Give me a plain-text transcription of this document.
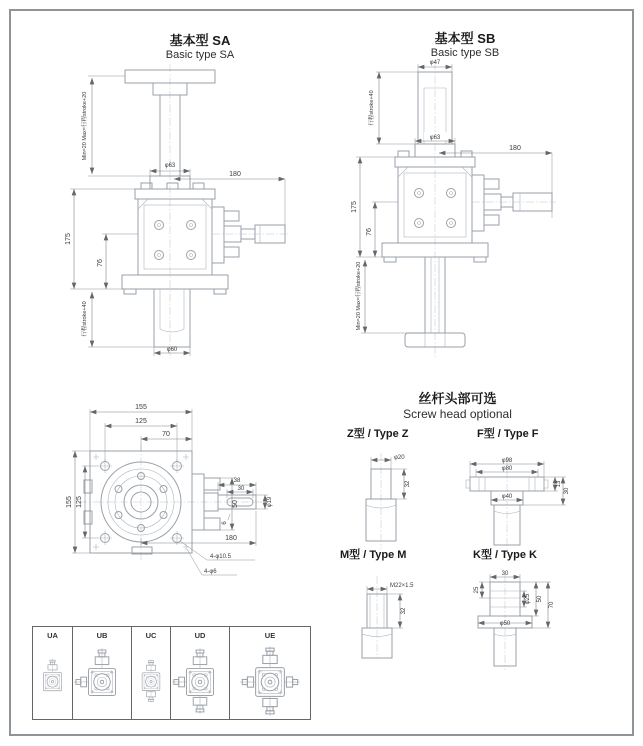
基本型 SA
Basic type SA
基本型 SB
Basic type SB
φ63
180
Min=20 Max=行程stroke+20
175
76
行程stroke+40
φ60
φ47
行程stroke+40
φ63
180
175
76
Min=20 Max=行程stroke+20
155
125
70
155 125	50
38
30
φ19
6
180
4-φ10.5
4-φ6
丝杆头部可选
Screw head optional
Z型 / Type Z	F型 / Type F
M型 / Type M	K型 / Type K
φ20
32
φ98
φ80
φ40
13
30
M22×1.5
32
30
25
φ25 50
70
φ50
UA	UB	UC	UD	UE
